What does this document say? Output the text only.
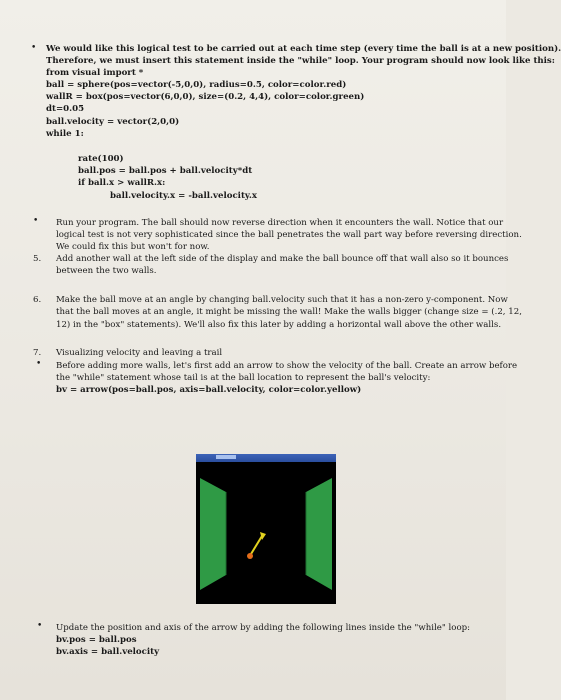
• We would like this logical test to be carried out at each time step (every time the ball is at a new position).
Therefore, we must insert this statement inside the "while" loop. Your program should now look like this:
from visual import *
ball = sphere(pos=vector(-5,0,0), radius=0.5, color=color.red)
wallR = box(pos=vector(6,0,0), size=(0.2, 4,4), color=color.green)
dt=0.05
ball.velocity = vector(2,0,0)
while 1:
rate(100)
ball.pos = ball.pos + ball.velocity*dt
if ball.x > wallR.x:
ball.velocity.x = -ball.velocity.x
• Run your program. The ball should now reverse direction when it encounters the wall. Notice that our
logical test is not very sophisticated since the ball penetrates the wall part way before reversing direction.
We could fix this but won't for now.
5. Add another wall at the left side of the display and make the ball bounce off that wall also so it bounces
between the two walls.
6. Make the ball move at an angle by changing ball.velocity such that it has a non-zero y-component. Now
that the ball moves at an angle, it might be missing the wall! Make the walls bigger (change size = (.2, 12,
12) in the "box" statements). We'll also fix this later by adding a horizontal wall above the other walls.
7. Visualizing velocity and leaving a trail
• Before adding more walls, let's first add an arrow to show the velocity of the ball. Create an arrow before
the "while" statement whose tail is at the ball location to represent the ball's velocity:
bv = arrow(pos=ball.pos, axis=ball.velocity, color=color.yellow)
• Update the position and axis of the arrow by adding the following lines inside the "while" loop:
bv.pos = ball.pos
bv.axis = ball.velocity
